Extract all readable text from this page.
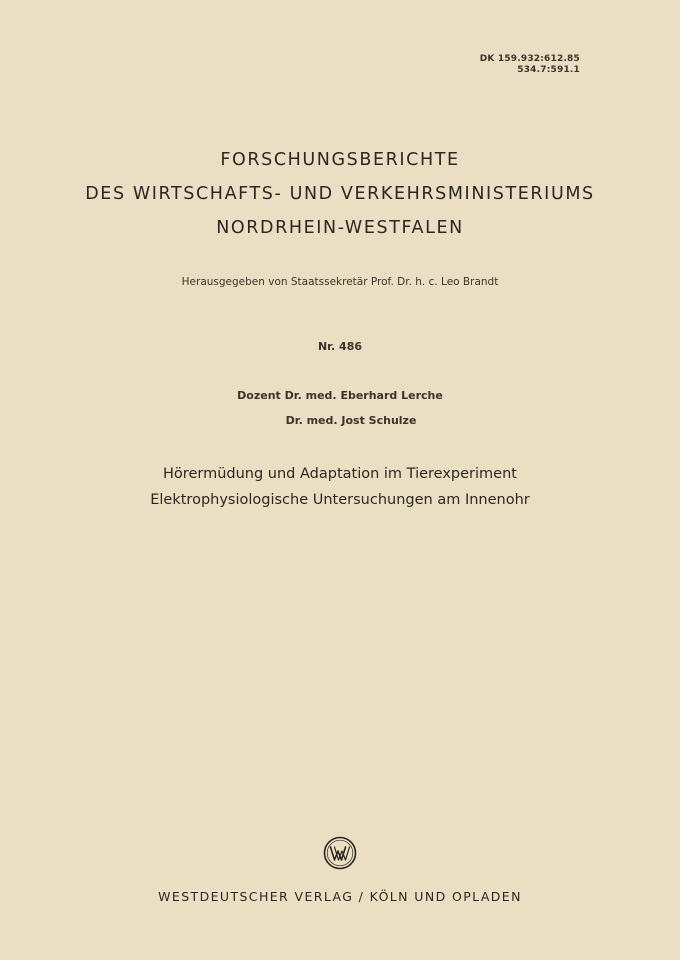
DK 159.932:612.85
534.7:591.1
FORSCHUNGSBERICHTE
DES WIRTSCHAFTS- UND VERKEHRSMINISTERIUMS
NORDRHEIN-WESTFALEN
Herausgegeben von Staatssekretär Prof. Dr. h. c. Leo Brandt
Nr. 486
Dozent Dr. med. Eberhard Lerche
Dr. med. Jost Schulze
Hörermüdung und Adaptation im Tierexperiment
Elektrophysiologische Untersuchungen am Innenohr
WESTDEUTSCHER VERLAG / KÖLN UND OPLADEN
